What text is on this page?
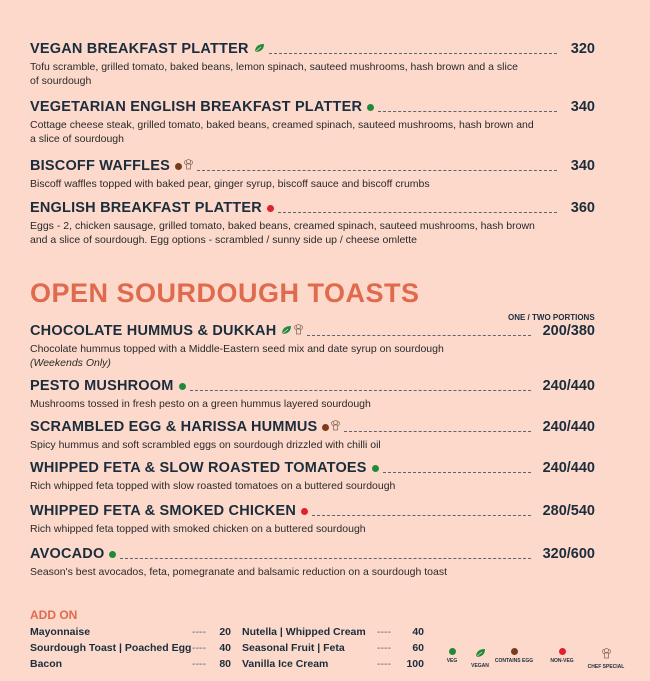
VEGAN BREAKFAST PLATTER	320
Tofu scramble, grilled tomato, baked beans, lemon spinach, sauteed mushrooms, hash brown and a slice
of sourdough
VEGETARIAN ENGLISH BREAKFAST PLATTER	340
Cottage cheese steak, grilled tomato, baked beans, creamed spinach, sauteed mushrooms, hash brown and
a slice of sourdough
BISCOFF WAFFLES	340
Biscoff waffles topped with baked pear, ginger syrup, biscoff sauce and biscoff crumbs
ENGLISH BREAKFAST PLATTER	360
Eggs - 2, chicken sausage, grilled tomato, baked beans, creamed spinach, sauteed mushrooms, hash brown
and a slice of sourdough. Egg options - scrambled / sunny side up / cheese omlette
OPEN SOURDOUGH TOASTS
ONE / TWO PORTIONS
CHOCOLATE HUMMUS & DUKKAH	200/380
Chocolate hummus topped with a Middle-Eastern seed mix and date syrup on sourdough
(Weekends Only)
PESTO MUSHROOM	240/440
Mushrooms tossed in fresh pesto on a green hummus layered sourdough
SCRAMBLED EGG & HARISSA HUMMUS	240/440
Spicy hummus and soft scrambled eggs on sourdough drizzled with chilli oil
WHIPPED FETA & SLOW ROASTED TOMATOES	240/440
Rich whipped feta topped with slow roasted tomatoes on a buttered sourdough
WHIPPED FETA & SMOKED CHICKEN	280/540
Rich whipped feta topped with smoked chicken on a buttered sourdough
AVOCADO	320/600
Season's best avocados, feta, pomegranate and balsamic reduction on a sourdough toast
ADD ON
Mayonnaise	----	20
Sourdough Toast | Poached Egg ----	40
Bacon	----	80
Nutella | Whipped Cream ----	40
Seasonal Fruit | Feta	----	60
Vanilla Ice Cream	----	100	VEG
VEGAN
CONTAINS EGG	NON-VEG
CHEF SPECIAL
